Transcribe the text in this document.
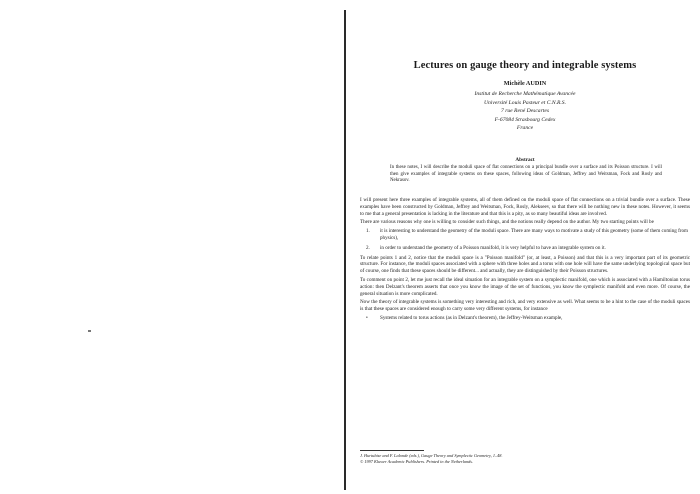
Lectures on gauge theory and integrable systems
Michèle AUDIN
Institut de Recherche Mathématique Avancée
Université Louis Pasteur et C.N.R.S.
7 rue René Descartes
F-67084 Strasbourg Cedex
France
Abstract
In these notes, I will describe the moduli space of flat connections on a principal bundle over a surface and its Poisson structure. I will then give examples of integrable systems on these spaces, following ideas of Goldman, Jeffrey and Weitsman, Fock and Rosly and Nekrasov.

I will present here three examples of integrable systems, all of them defined on the moduli space of flat connections on a trivial bundle over a surface. These examples have been constructed by Goldman, Jeffrey and Weitsman, Fock, Rosly, Alekseev, so that there will be nothing new in these notes. However, it seems to me that a general presentation is lacking in the literature and that this is a pity, as so many beautiful ideas are involved.

There are various reasons why one is willing to consider such things, and the notions really depend on the author. My two starting points will be

1.	it is interesting to understand the geometry of the moduli space. There are many ways to motivate a study of this geometry (some of them coming from physics),
2.	in order to understand the geometry of a Poisson manifold, it is very helpful to have an integrable system on it.

To relate points 1 and 2, notice that the moduli space is a "Poisson manifold" (or, at least, a Poisson) and that this is a very important part of its geometric structure. For instance, the moduli spaces associated with a sphere with three holes and a torus with one hole will have the same underlying topological space but of course, one finds that these spaces should be different... and actually, they are distinguished by their Poisson structures.

To comment on point 2, let me just recall the ideal situation for an integrable system on a symplectic manifold, one which is associated with a Hamiltonian torus action: then Delzant's theorem asserts that once you know the image of the set of functions, you know the symplectic manifold and even more. Of course, the general situation is more complicated.

Now the theory of integrable systems is something very interesting and rich, and very extensive as well. What seems to be a hint to the case of the moduli spaces is that these spaces are considered enough to carry some very different systems, for instance

•	Systems related to torus actions (as in Delzant's theorem), the Jeffrey-Weitsman example,
J. Hurtubise and F. Lalonde (eds.), Gauge Theory and Symplectic Geometry, 1–48.
© 1997 Kluwer Academic Publishers. Printed in the Netherlands.
